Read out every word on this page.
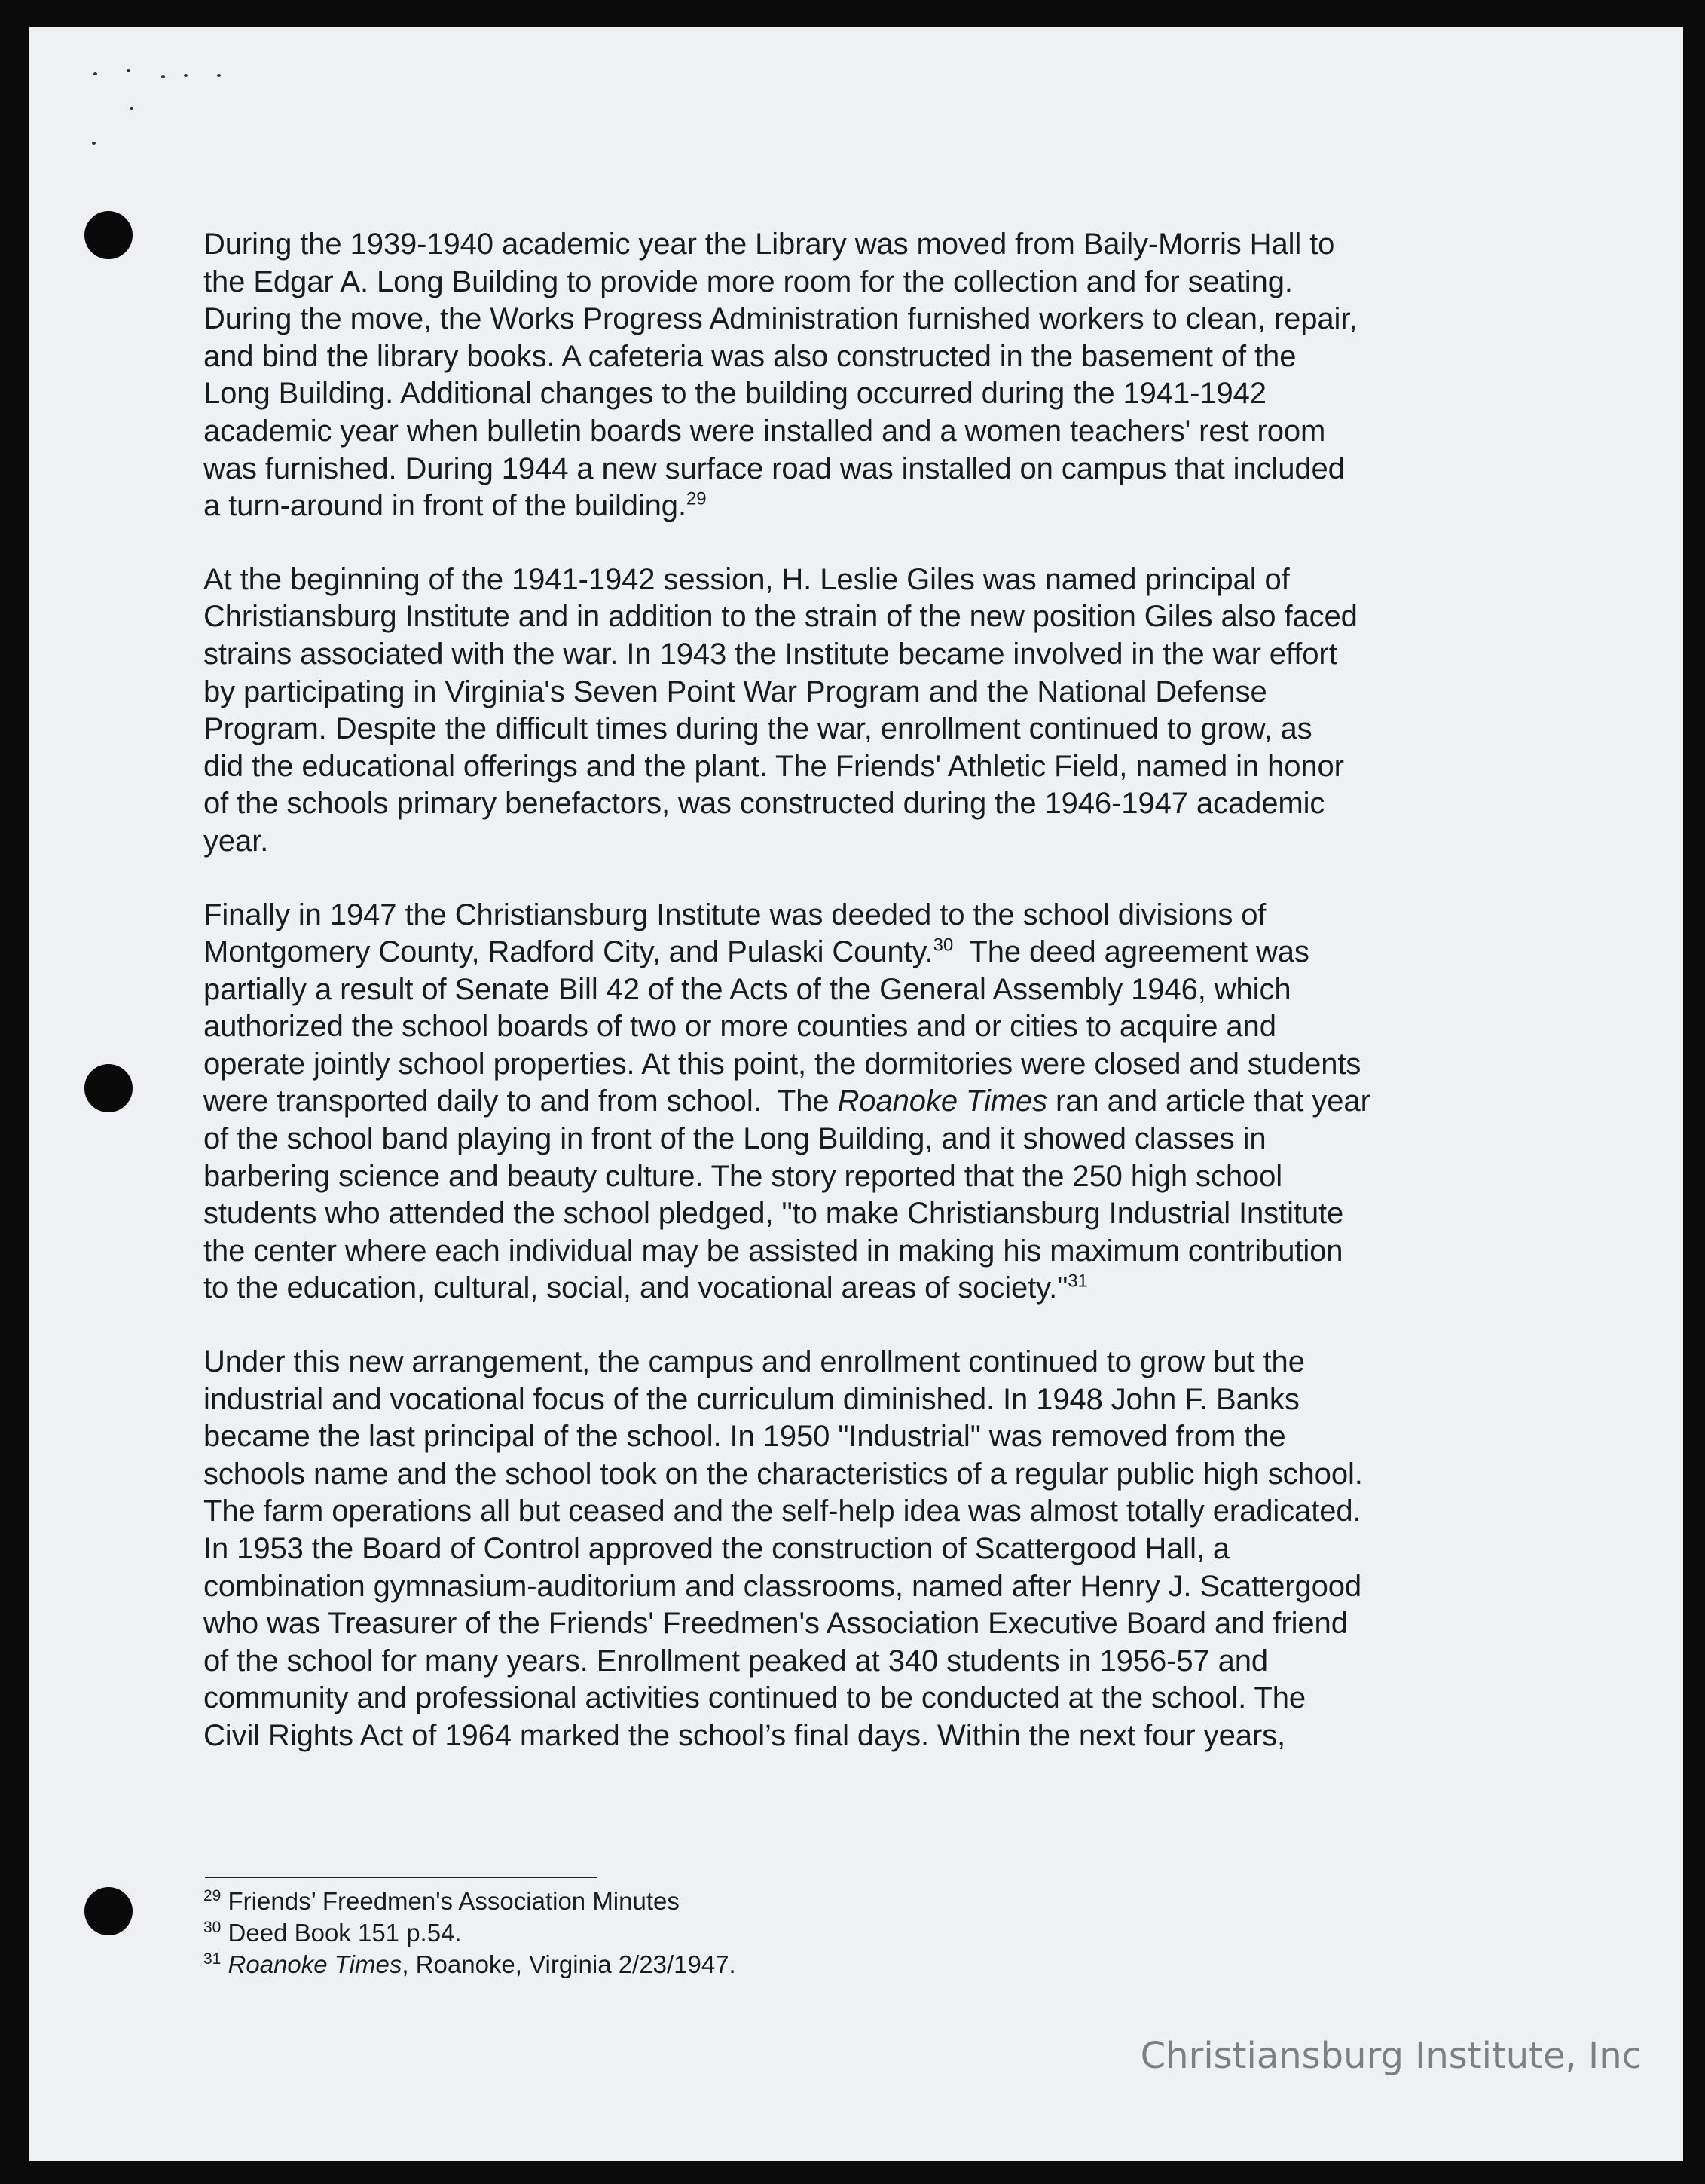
During the 1939-1940 academic year the Library was moved from Baily-Morris Hall to
the Edgar A. Long Building to provide more room for the collection and for seating.
During the move, the Works Progress Administration furnished workers to clean, repair,
and bind the library books. A cafeteria was also constructed in the basement of the
Long Building. Additional changes to the building occurred during the 1941-1942
academic year when bulletin boards were installed and a women teachers' rest room
was furnished. During 1944 a new surface road was installed on campus that included
a turn-around in front of the building.$^{29}$

At the beginning of the 1941-1942 session, H. Leslie Giles was named principal of
Christiansburg Institute and in addition to the strain of the new position Giles also faced
strains associated with the war. In 1943 the Institute became involved in the war effort
by participating in Virginia's Seven Point War Program and the National Defense
Program. Despite the difficult times during the war, enrollment continued to grow, as
did the educational offerings and the plant. The Friends' Athletic Field, named in honor
of the schools primary benefactors, was constructed during the 1946-1947 academic
year.

Finally in 1947 the Christiansburg Institute was deeded to the school divisions of
Montgomery County, Radford City, and Pulaski County.$^{30}$  The deed agreement was
partially a result of Senate Bill 42 of the Acts of the General Assembly 1946, which
authorized the school boards of two or more counties and or cities to acquire and
operate jointly school properties. At this point, the dormitories were closed and students
were transported daily to and from school.  The Roanoke Times ran and article that year
of the school band playing in front of the Long Building, and it showed classes in
barbering science and beauty culture. The story reported that the 250 high school
students who attended the school pledged, "to make Christiansburg Industrial Institute
the center where each individual may be assisted in making his maximum contribution
to the education, cultural, social, and vocational areas of society."$^{31}$

Under this new arrangement, the campus and enrollment continued to grow but the
industrial and vocational focus of the curriculum diminished. In 1948 John F. Banks
became the last principal of the school. In 1950 "Industrial" was removed from the
schools name and the school took on the characteristics of a regular public high school.
The farm operations all but ceased and the self-help idea was almost totally eradicated.
In 1953 the Board of Control approved the construction of Scattergood Hall, a
combination gymnasium-auditorium and classrooms, named after Henry J. Scattergood
who was Treasurer of the Friends' Freedmen's Association Executive Board and friend
of the school for many years. Enrollment peaked at 340 students in 1956-57 and
community and professional activities continued to be conducted at the school. The
Civil Rights Act of 1964 marked the school’s final days. Within the next four years,

$^{29}$ Friends’ Freedmen's Association Minutes
$^{30}$ Deed Book 151 p.54.
$^{31}$ Roanoke Times, Roanoke, Virginia 2/23/1947.
Christiansburg Institute, Inc
